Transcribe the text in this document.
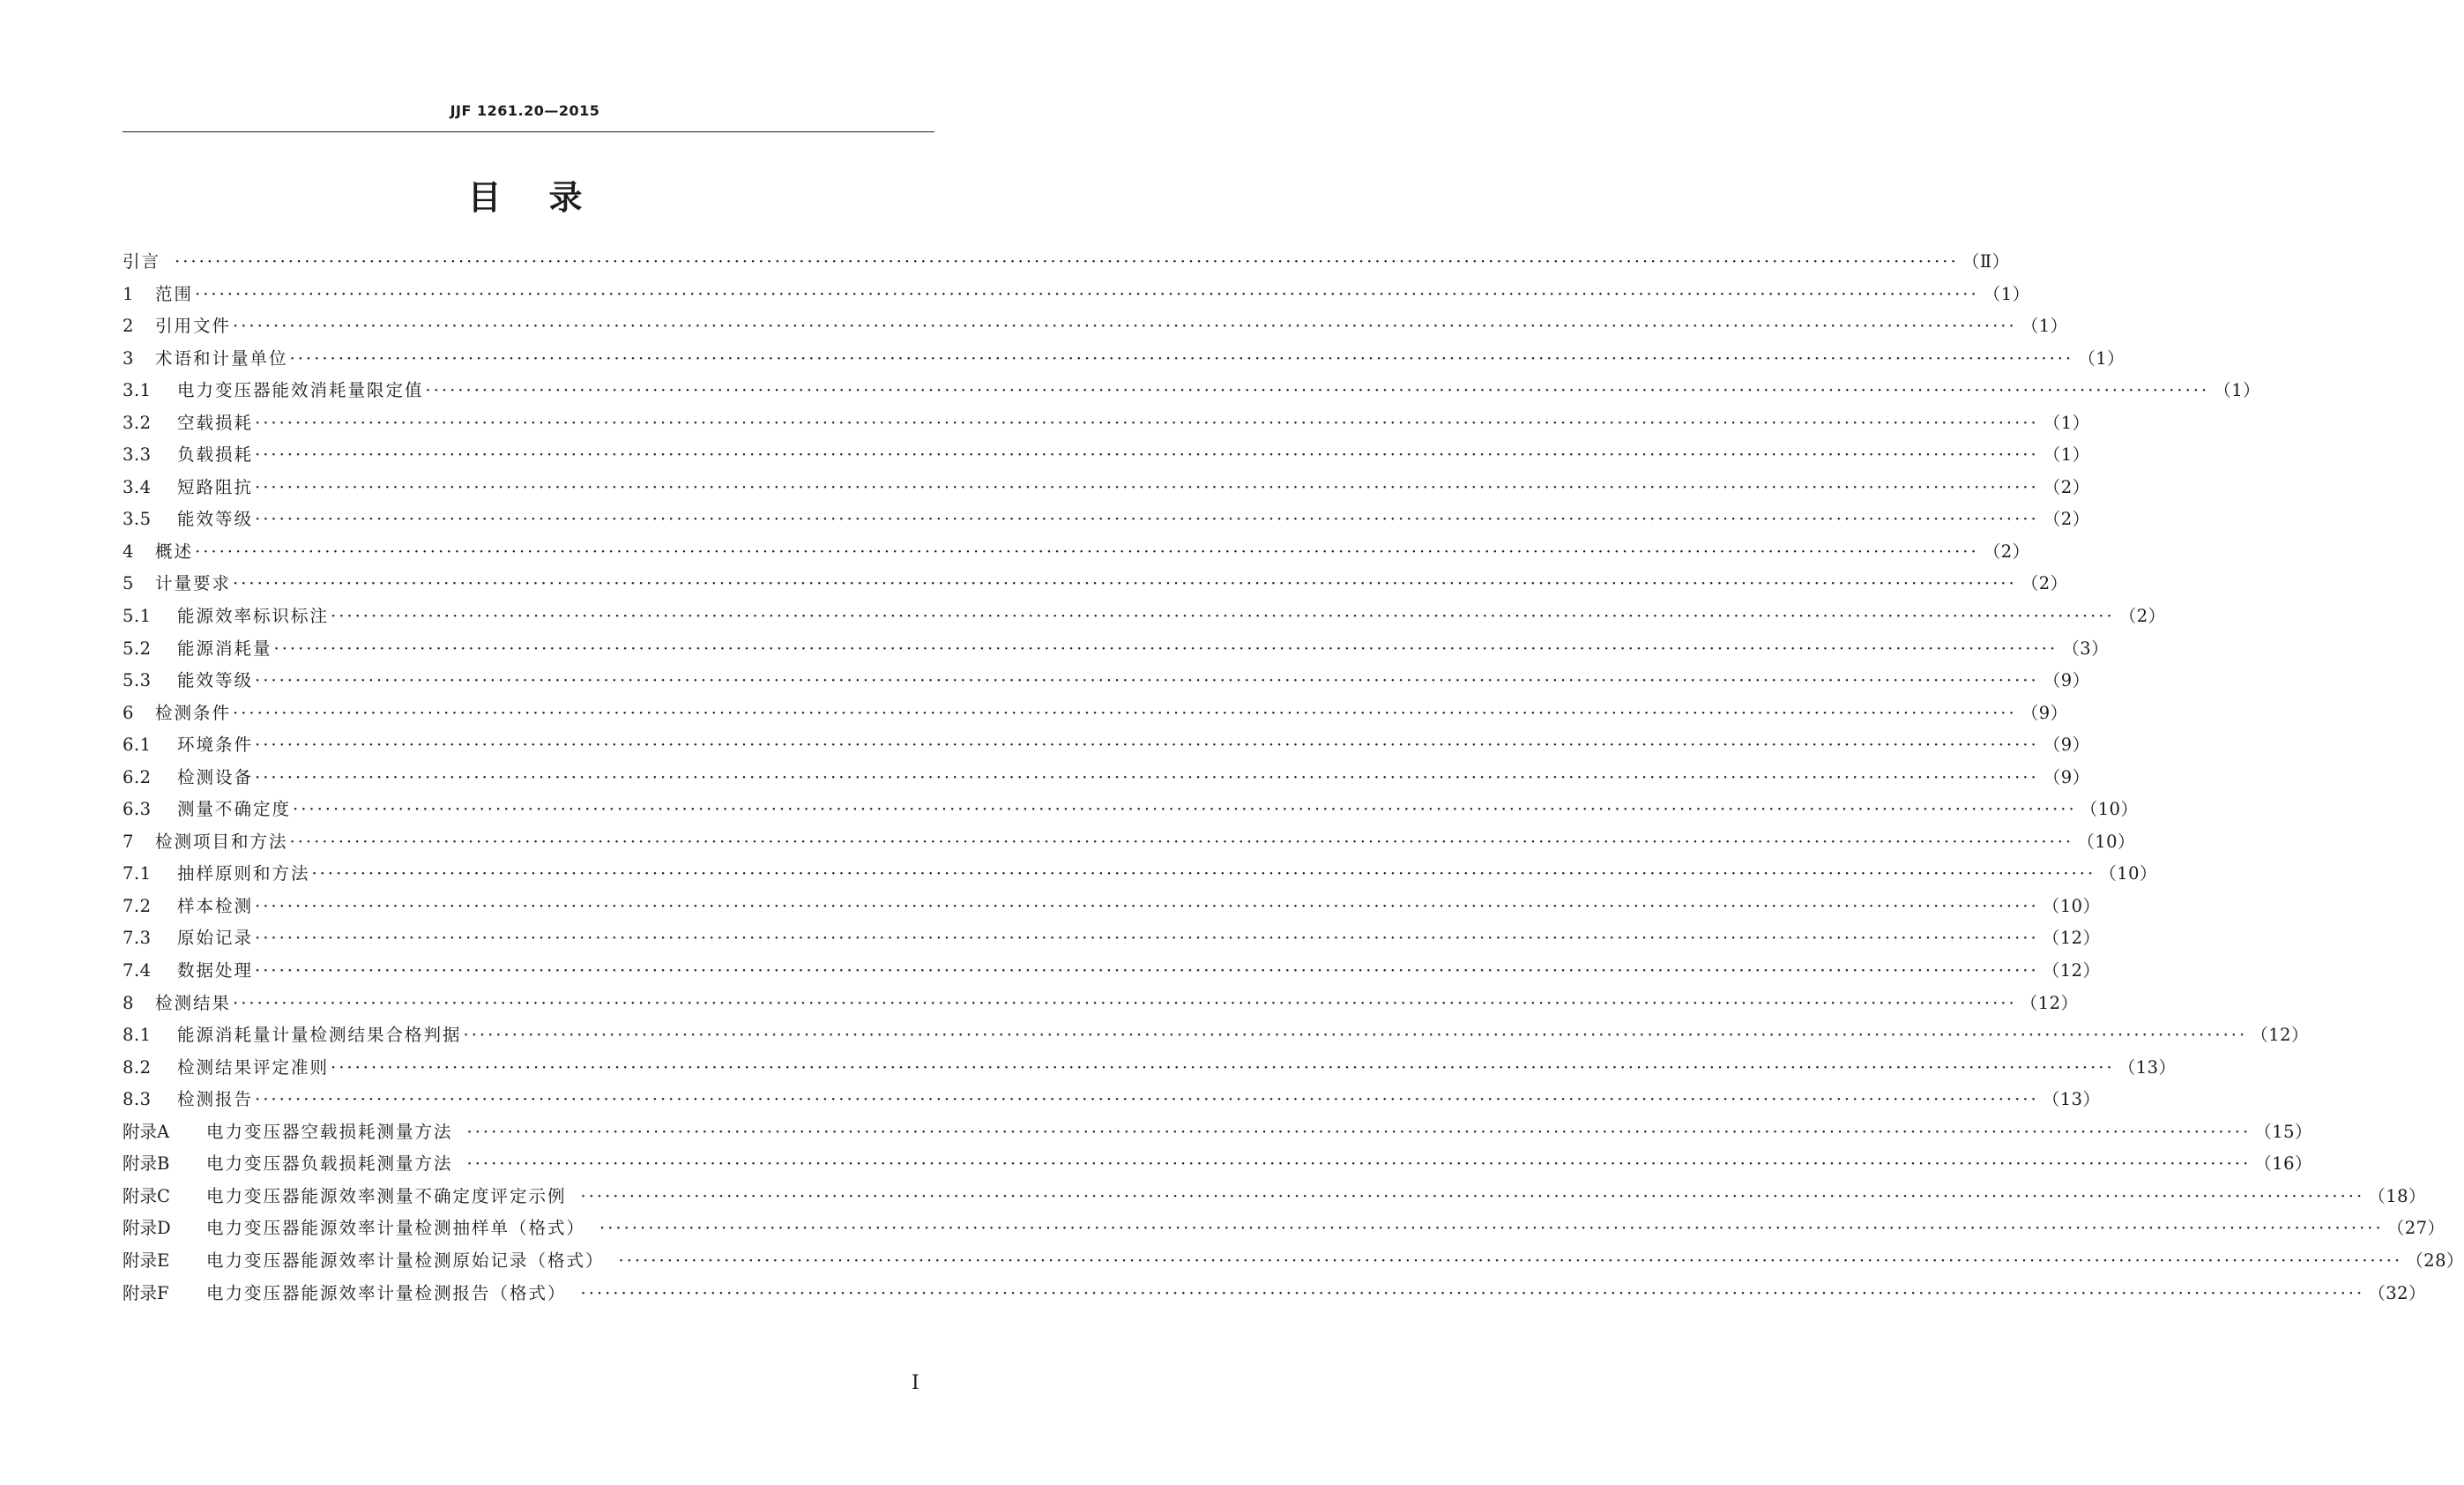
JJF 1261.20—2015
目录
引言 ···························································································································································································································· （Ⅱ）
1	范围 ···························································································································································································································· （1）
2	引用文件 ···························································································································································································································· （1）
3	术语和计量单位 ···························································································································································································································· （1）
3.1	电力变压器能效消耗量限定值 ···························································································································································································································· （1）
3.2	空载损耗 ···························································································································································································································· （1）
3.3	负载损耗 ···························································································································································································································· （1）
3.4	短路阻抗 ···························································································································································································································· （2）
3.5	能效等级 ···························································································································································································································· （2）
4	概述 ···························································································································································································································· （2）
5	计量要求 ···························································································································································································································· （2）
5.1	能源效率标识标注 ···························································································································································································································· （2）
5.2	能源消耗量 ···························································································································································································································· （3）
5.3	能效等级 ···························································································································································································································· （9）
6	检测条件 ···························································································································································································································· （9）
6.1	环境条件 ···························································································································································································································· （9）
6.2	检测设备 ···························································································································································································································· （9）
6.3	测量不确定度 ···························································································································································································································· （10）
7	检测项目和方法 ···························································································································································································································· （10）
7.1	抽样原则和方法 ···························································································································································································································· （10）
7.2	样本检测 ···························································································································································································································· （10）
7.3	原始记录 ···························································································································································································································· （12）
7.4	数据处理 ···························································································································································································································· （12）
8	检测结果 ···························································································································································································································· （12）
8.1	能源消耗量计量检测结果合格判据 ···························································································································································································································· （12）
8.2	检测结果评定准则 ···························································································································································································································· （13）
8.3	检测报告 ···························································································································································································································· （13）
附录A	电力变压器空载损耗测量方法 ···························································································································································································································· （15）
附录B	电力变压器负载损耗测量方法 ···························································································································································································································· （16）
附录C	电力变压器能源效率测量不确定度评定示例 ···························································································································································································································· （18）
附录D	电力变压器能源效率计量检测抽样单（格式） ···························································································································································································································· （27）
附录E	电力变压器能源效率计量检测原始记录（格式） ···························································································································································································································· （28）
附录F	电力变压器能源效率计量检测报告（格式） ···························································································································································································································· （32）
Ⅰ
